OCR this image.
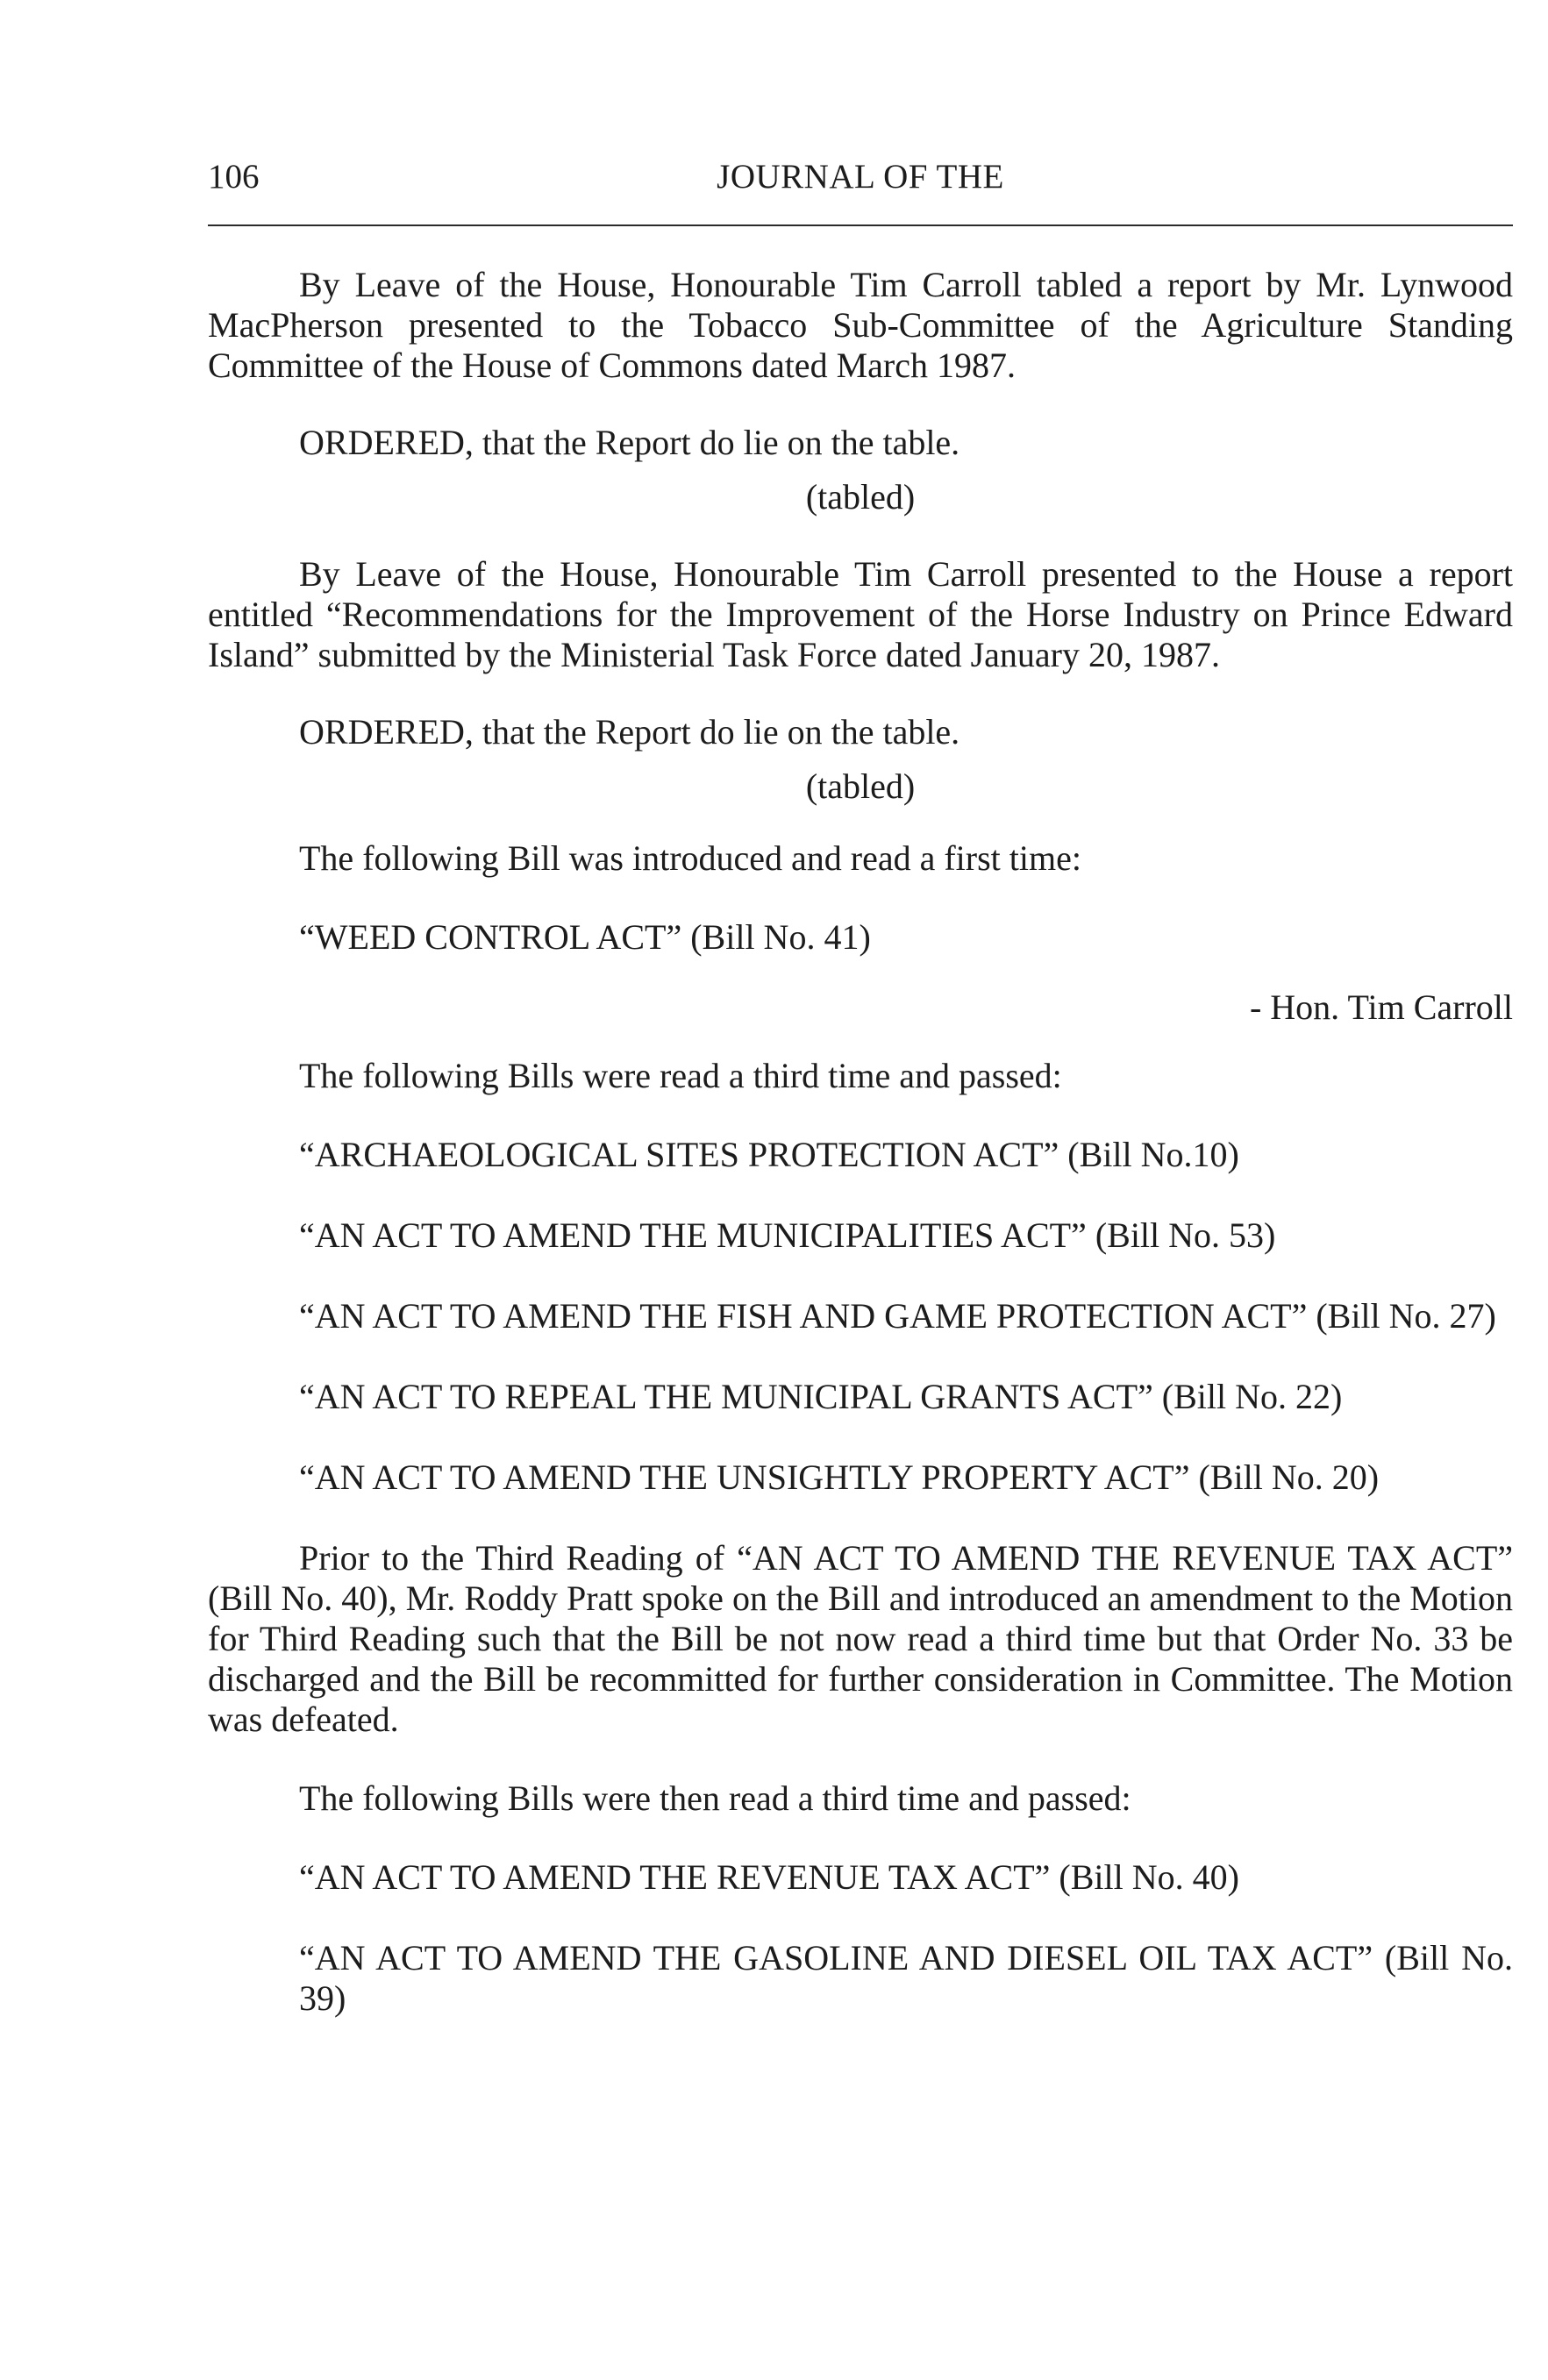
106	JOURNAL OF THE

By Leave of the House, Honourable Tim Carroll tabled a report by Mr. Lynwood MacPherson presented to the Tobacco Sub-Committee of the Agriculture Standing Committee of the House of Commons dated March 1987.

ORDERED, that the Report do lie on the table.

(tabled)

By Leave of the House, Honourable Tim Carroll presented to the House a report entitled “Recommendations for the Improvement of the Horse Industry on Prince Edward Island” submitted by the Ministerial Task Force dated January 20, 1987.

ORDERED, that the Report do lie on the table.

(tabled)

The following Bill was introduced and read a first time:

“WEED CONTROL ACT” (Bill No. 41)

- Hon. Tim Carroll

The following Bills were read a third time and passed:

“ARCHAEOLOGICAL SITES PROTECTION ACT” (Bill No.10)

“AN ACT TO AMEND THE MUNICIPALITIES ACT” (Bill No. 53)

“AN ACT TO AMEND THE FISH AND GAME PROTECTION ACT” (Bill No. 27)

“AN ACT TO REPEAL THE MUNICIPAL GRANTS ACT” (Bill No. 22)

“AN ACT TO AMEND THE UNSIGHTLY PROPERTY ACT” (Bill No. 20)

Prior to the Third Reading of “AN ACT TO AMEND THE REVENUE TAX ACT” (Bill No. 40), Mr. Roddy Pratt spoke on the Bill and introduced an amendment to the Motion for Third Reading such that the Bill be not now read a third time but that Order No. 33 be discharged and the Bill be recommitted for further consideration in Committee. The Motion was defeated.

The following Bills were then read a third time and passed:

“AN ACT TO AMEND THE REVENUE TAX ACT” (Bill No. 40)

“AN ACT TO AMEND THE GASOLINE AND DIESEL OIL TAX ACT” (Bill No. 39)
